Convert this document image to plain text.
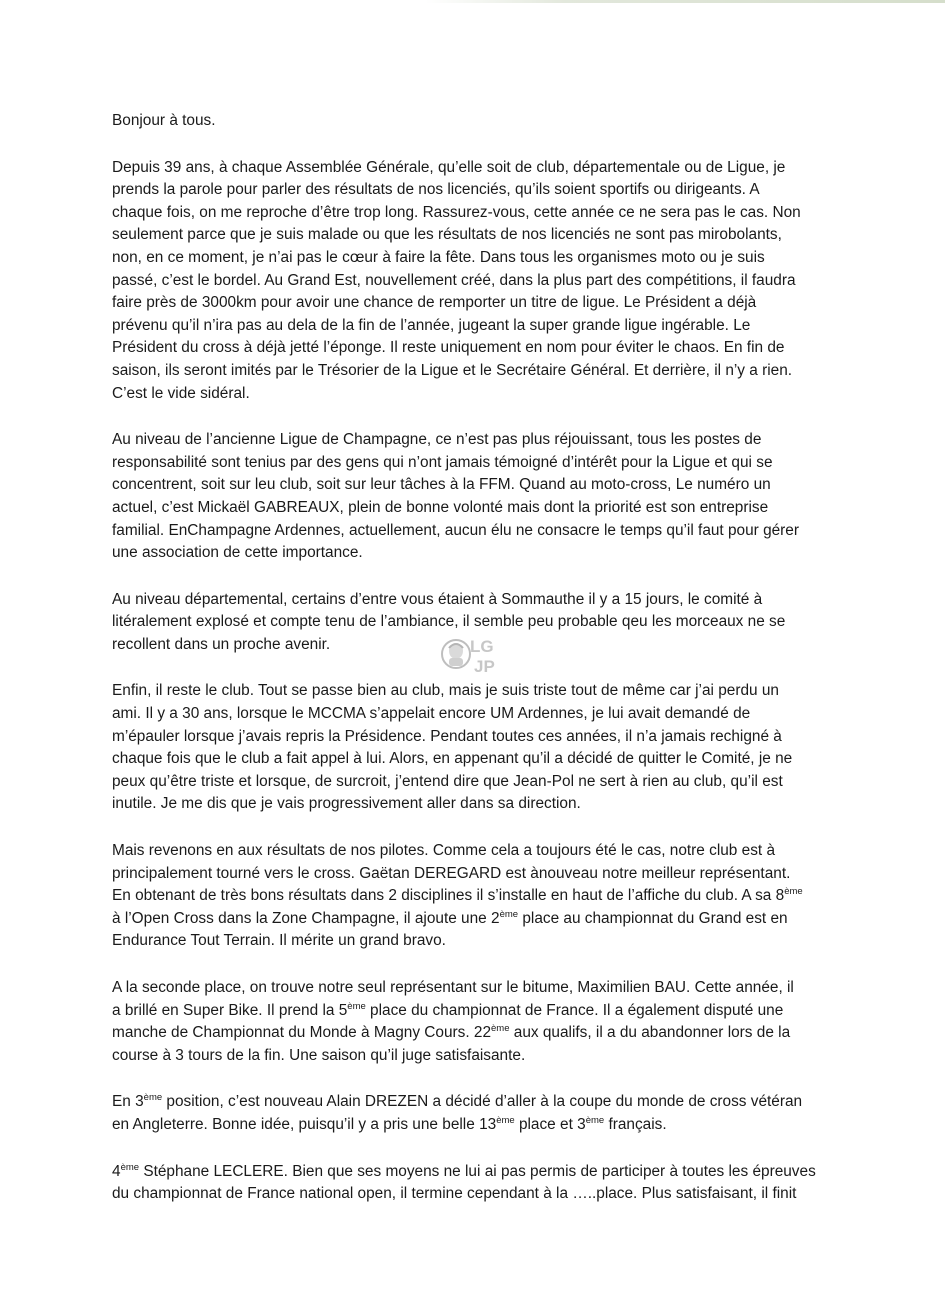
Bonjour à tous.

Depuis 39 ans, à chaque Assemblée Générale, qu’elle soit de club, départementale ou de Ligue, je
prends la parole pour parler des résultats de nos licenciés, qu’ils soient sportifs ou dirigeants. A
chaque fois, on me reproche d’être trop long. Rassurez-vous, cette année ce ne sera pas le cas. Non
seulement parce que je suis malade ou que les résultats de nos licenciés ne sont pas mirobolants,
non, en ce moment, je n’ai pas le cœur à faire la fête. Dans tous les organismes moto ou je suis
passé, c’est le bordel. Au Grand Est, nouvellement créé, dans la plus part des compétitions, il faudra
faire près de 3000km pour avoir une chance de remporter un titre de ligue. Le Président a déjà
prévenu qu’il n’ira pas au dela de la fin de l’année, jugeant la super grande ligue ingérable. Le
Président du cross à déjà jetté l’éponge. Il reste uniquement en nom pour éviter le chaos. En fin de
saison, ils seront imités par le Trésorier de la Ligue et le Secrétaire Général. Et derrière, il n’y a rien.
C’est le vide sidéral.

Au niveau de l’ancienne Ligue de Champagne, ce n’est pas plus réjouissant, tous les postes de
responsabilité sont tenius par des gens qui n’ont jamais témoigné d’intérêt pour la Ligue et qui se
concentrent, soit sur leu club, soit sur leur tâches à la FFM. Quand au moto-cross, Le numéro un
actuel, c’est Mickaël GABREAUX, plein de bonne volonté mais dont la priorité est son entreprise
familial. EnChampagne Ardennes, actuellement, aucun élu ne consacre le temps qu’il faut pour gérer
une association de cette importance.

Au niveau départemental, certains d’entre vous étaient à Sommauthe il y a 15 jours, le comité à
litéralement explosé et compte tenu de l’ambiance, il semble peu probable qeu les morceaux ne se
recollent dans un proche avenir.

Enfin, il reste le club. Tout se passe bien au club, mais je suis triste tout de même car j’ai perdu un
ami. Il y a 30 ans, lorsque le MCCMA s’appelait encore UM Ardennes, je lui avait demandé de
m’épauler lorsque j’avais repris la Présidence. Pendant toutes ces années, il n’a jamais rechigné à
chaque fois que le club a fait appel à lui. Alors, en appenant qu’il a décidé de quitter le Comité, je ne
peux qu’être triste et lorsque, de surcroit, j’entend dire que Jean-Pol ne sert à rien au club, qu’il est
inutile. Je me dis que je vais progressivement aller dans sa direction.

Mais revenons en aux résultats de nos pilotes. Comme cela a toujours été le cas, notre club est à
principalement tourné vers le cross. Gaëtan DEREGARD est ànouveau notre meilleur représentant.
En obtenant de très bons résultats dans 2 disciplines il s’installe en haut de l’affiche du club. A sa 8ème
à l’Open Cross dans la Zone Champagne, il ajoute une 2ème place au championnat du Grand est en
Endurance Tout Terrain. Il mérite un grand bravo.

A la seconde place, on trouve notre seul représentant sur le bitume, Maximilien BAU. Cette année, il
a brillé en Super Bike. Il prend la 5ème place du championnat de France. Il a également disputé une
manche de Championnat du Monde à Magny Cours. 22ème aux qualifs, il a du abandonner lors de la
course à 3 tours de la fin. Une saison qu’il juge satisfaisante.

En 3ème position, c’est nouveau Alain DREZEN a décidé d’aller à la coupe du monde de cross vétéran
en Angleterre. Bonne idée, puisqu’il y a pris une belle 13ème place et 3ème français.

4ème Stéphane LECLERE. Bien que ses moyens ne lui ai pas permis de participer à toutes les épreuves
du championnat de France national open, il termine cependant à la …..place. Plus satisfaisant, il finit

LG
JP
